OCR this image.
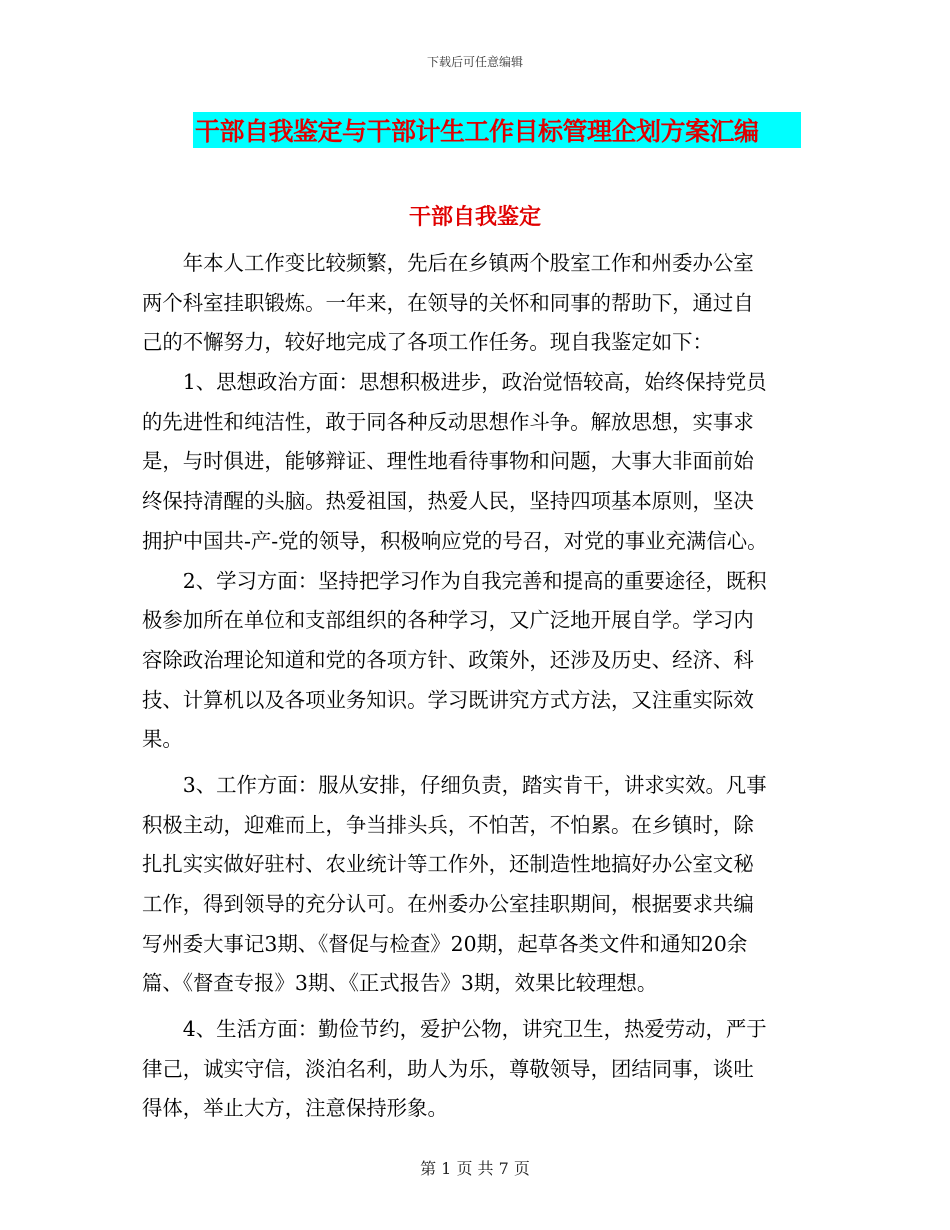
下载后可任意编辑
干部自我鉴定与干部计生工作目标管理企划方案汇编
干部自我鉴定
　　年本人工作变比较频繁，先后在乡镇两个股室工作和州委办公室
两个科室挂职锻炼。一年来，在领导的关怀和同事的帮助下，通过自
己的不懈努力，较好地完成了各项工作任务。现自我鉴定如下：
　　1、思想政治方面：思想积极进步，政治觉悟较高，始终保持党员
的先进性和纯洁性，敢于同各种反动思想作斗争。解放思想，实事求
是，与时俱进，能够辩证、理性地看待事物和问题，大事大非面前始
终保持清醒的头脑。热爱祖国，热爱人民，坚持四项基本原则，坚决
拥护中国共-产-党的领导，积极响应党的号召，对党的事业充满信心。
　　2、学习方面：坚持把学习作为自我完善和提高的重要途径，既积
极参加所在单位和支部组织的各种学习，又广泛地开展自学。学习内
容除政治理论知道和党的各项方针、政策外，还涉及历史、经济、科
技、计算机以及各项业务知识。学习既讲究方式方法，又注重实际效
果。
　　3、工作方面：服从安排，仔细负责，踏实肯干，讲求实效。凡事
积极主动，迎难而上，争当排头兵，不怕苦，不怕累。在乡镇时，除
扎扎实实做好驻村、农业统计等工作外，还制造性地搞好办公室文秘
工作，得到领导的充分认可。在州委办公室挂职期间，根据要求共编
写州委大事记3期、《督促与检查》20期，起草各类文件和通知20余
篇、《督查专报》3期、《正式报告》3期，效果比较理想。
　　4、生活方面：勤俭节约，爱护公物，讲究卫生，热爱劳动，严于
律己，诚实守信，淡泊名利，助人为乐，尊敬领导，团结同事，谈吐
得体，举止大方，注意保持形象。
第 1 页 共 7 页
